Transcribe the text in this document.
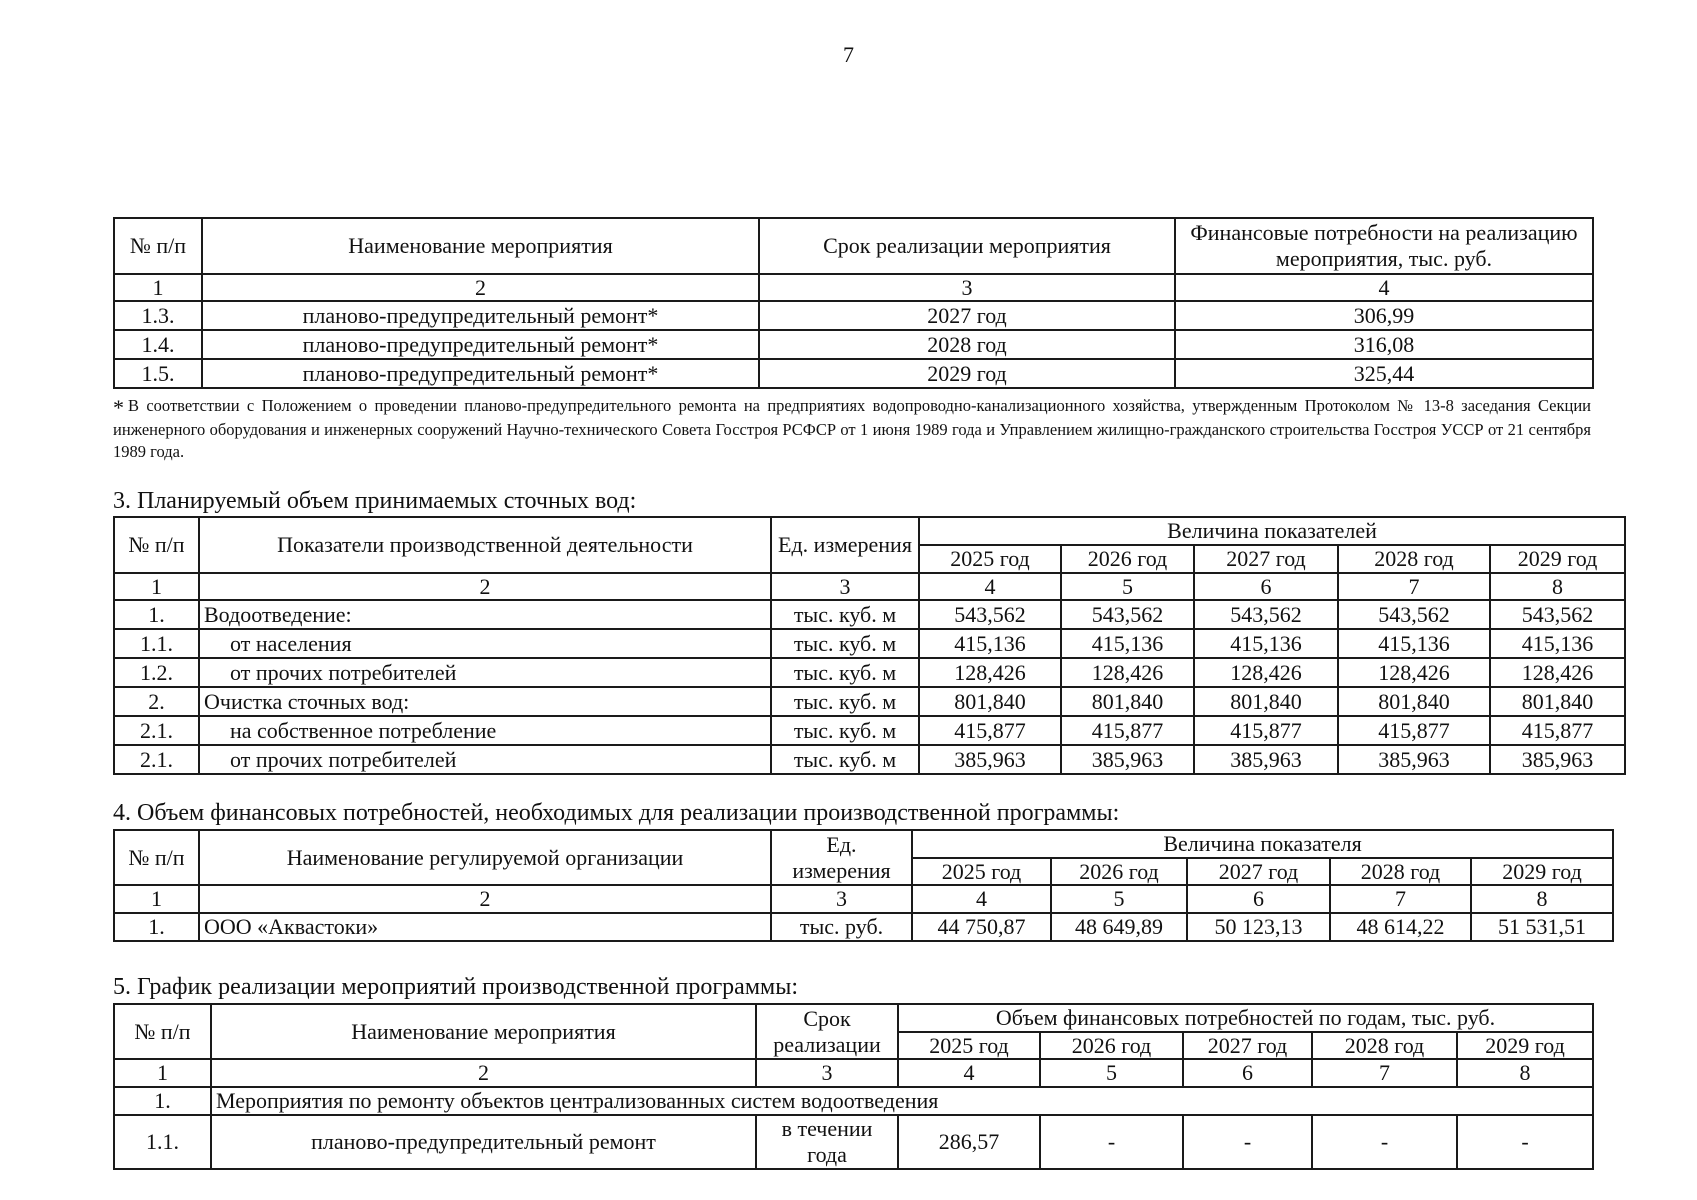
7
№ п/п	Наименование мероприятия	Срок реализации мероприятия	Финансовые потребности на реализацию мероприятия, тыс. руб.
1	2	3	4
1.3.	планово-предупредительный ремонт*	2027 год	306,99
1.4.	планово-предупредительный ремонт*	2028 год	316,08
1.5.	планово-предупредительный ремонт*	2029 год	325,44
* В соответствии с Положением о проведении планово-предупредительного ремонта на предприятиях водопроводно-канализационного хозяйства, утвержденным Протоколом № 13-8 заседания Секции инженерного оборудования и инженерных сооружений Научно-технического Совета Госстроя РСФСР от 1 июня 1989 года и Управлением жилищно-гражданского строительства Госстроя УССР от 21 сентября 1989 года.
3. Планируемый объем принимаемых сточных вод:
№ п/п	Показатели производственной деятельности	Ед. измерения	Величина показателей				
			2025 год	2026 год	2027 год	2028 год	2029 год
1	2	3	4	5	6	7	8
1.	Водоотведение:	тыс. куб. м	543,562	543,562	543,562	543,562	543,562
1.1.	от населения	тыс. куб. м	415,136	415,136	415,136	415,136	415,136
1.2.	от прочих потребителей	тыс. куб. м	128,426	128,426	128,426	128,426	128,426
2.	Очистка сточных вод:	тыс. куб. м	801,840	801,840	801,840	801,840	801,840
2.1.	на собственное потребление	тыс. куб. м	415,877	415,877	415,877	415,877	415,877
2.1.	от прочих потребителей	тыс. куб. м	385,963	385,963	385,963	385,963	385,963
4. Объем финансовых потребностей, необходимых для реализации производственной программы:
№ п/п	Наименование регулируемой организации	Ед. измерения	Величина показателя				
			2025 год	2026 год	2027 год	2028 год	2029 год
1	2	3	4	5	6	7	8
1.	ООО «Аквастоки»	тыс. руб.	44 750,87	48 649,89	50 123,13	48 614,22	51 531,51
5. График реализации мероприятий производственной программы:
№ п/п	Наименование мероприятия	Срок реализации	Объем финансовых потребностей по годам, тыс. руб.				
			2025 год	2026 год	2027 год	2028 год	2029 год
1	2	3	4	5	6	7	8
1.	Мероприятия по ремонту объектов централизованных систем водоотведения						
1.1.	планово-предупредительный ремонт	в течении года	286,57	-	-	-	-
